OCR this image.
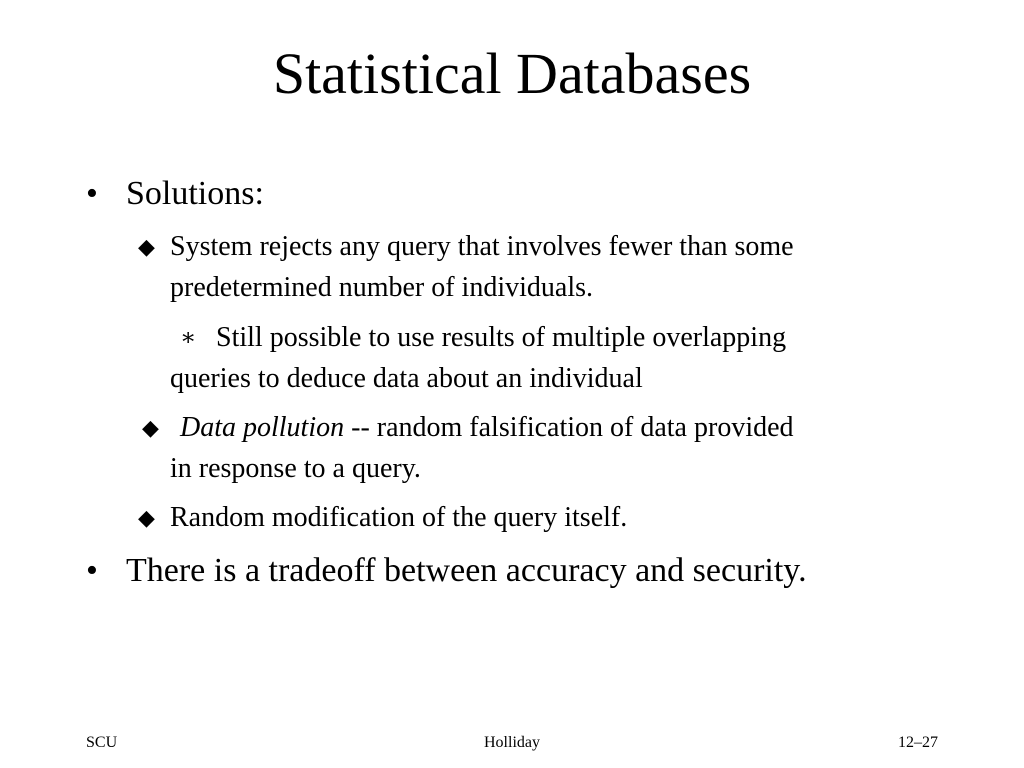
Statistical Databases
• Solutions:
◆ System rejects any query that involves fewer than some
predetermined number of individuals.
∗ Still possible to use results of multiple overlapping
queries to deduce data about an individual
◆ Data pollution -- random falsification of data provided
in response to a query.
◆ Random modification of the query itself.
• There is a tradeoff between accuracy and security.
SCU	Holliday	12–27
